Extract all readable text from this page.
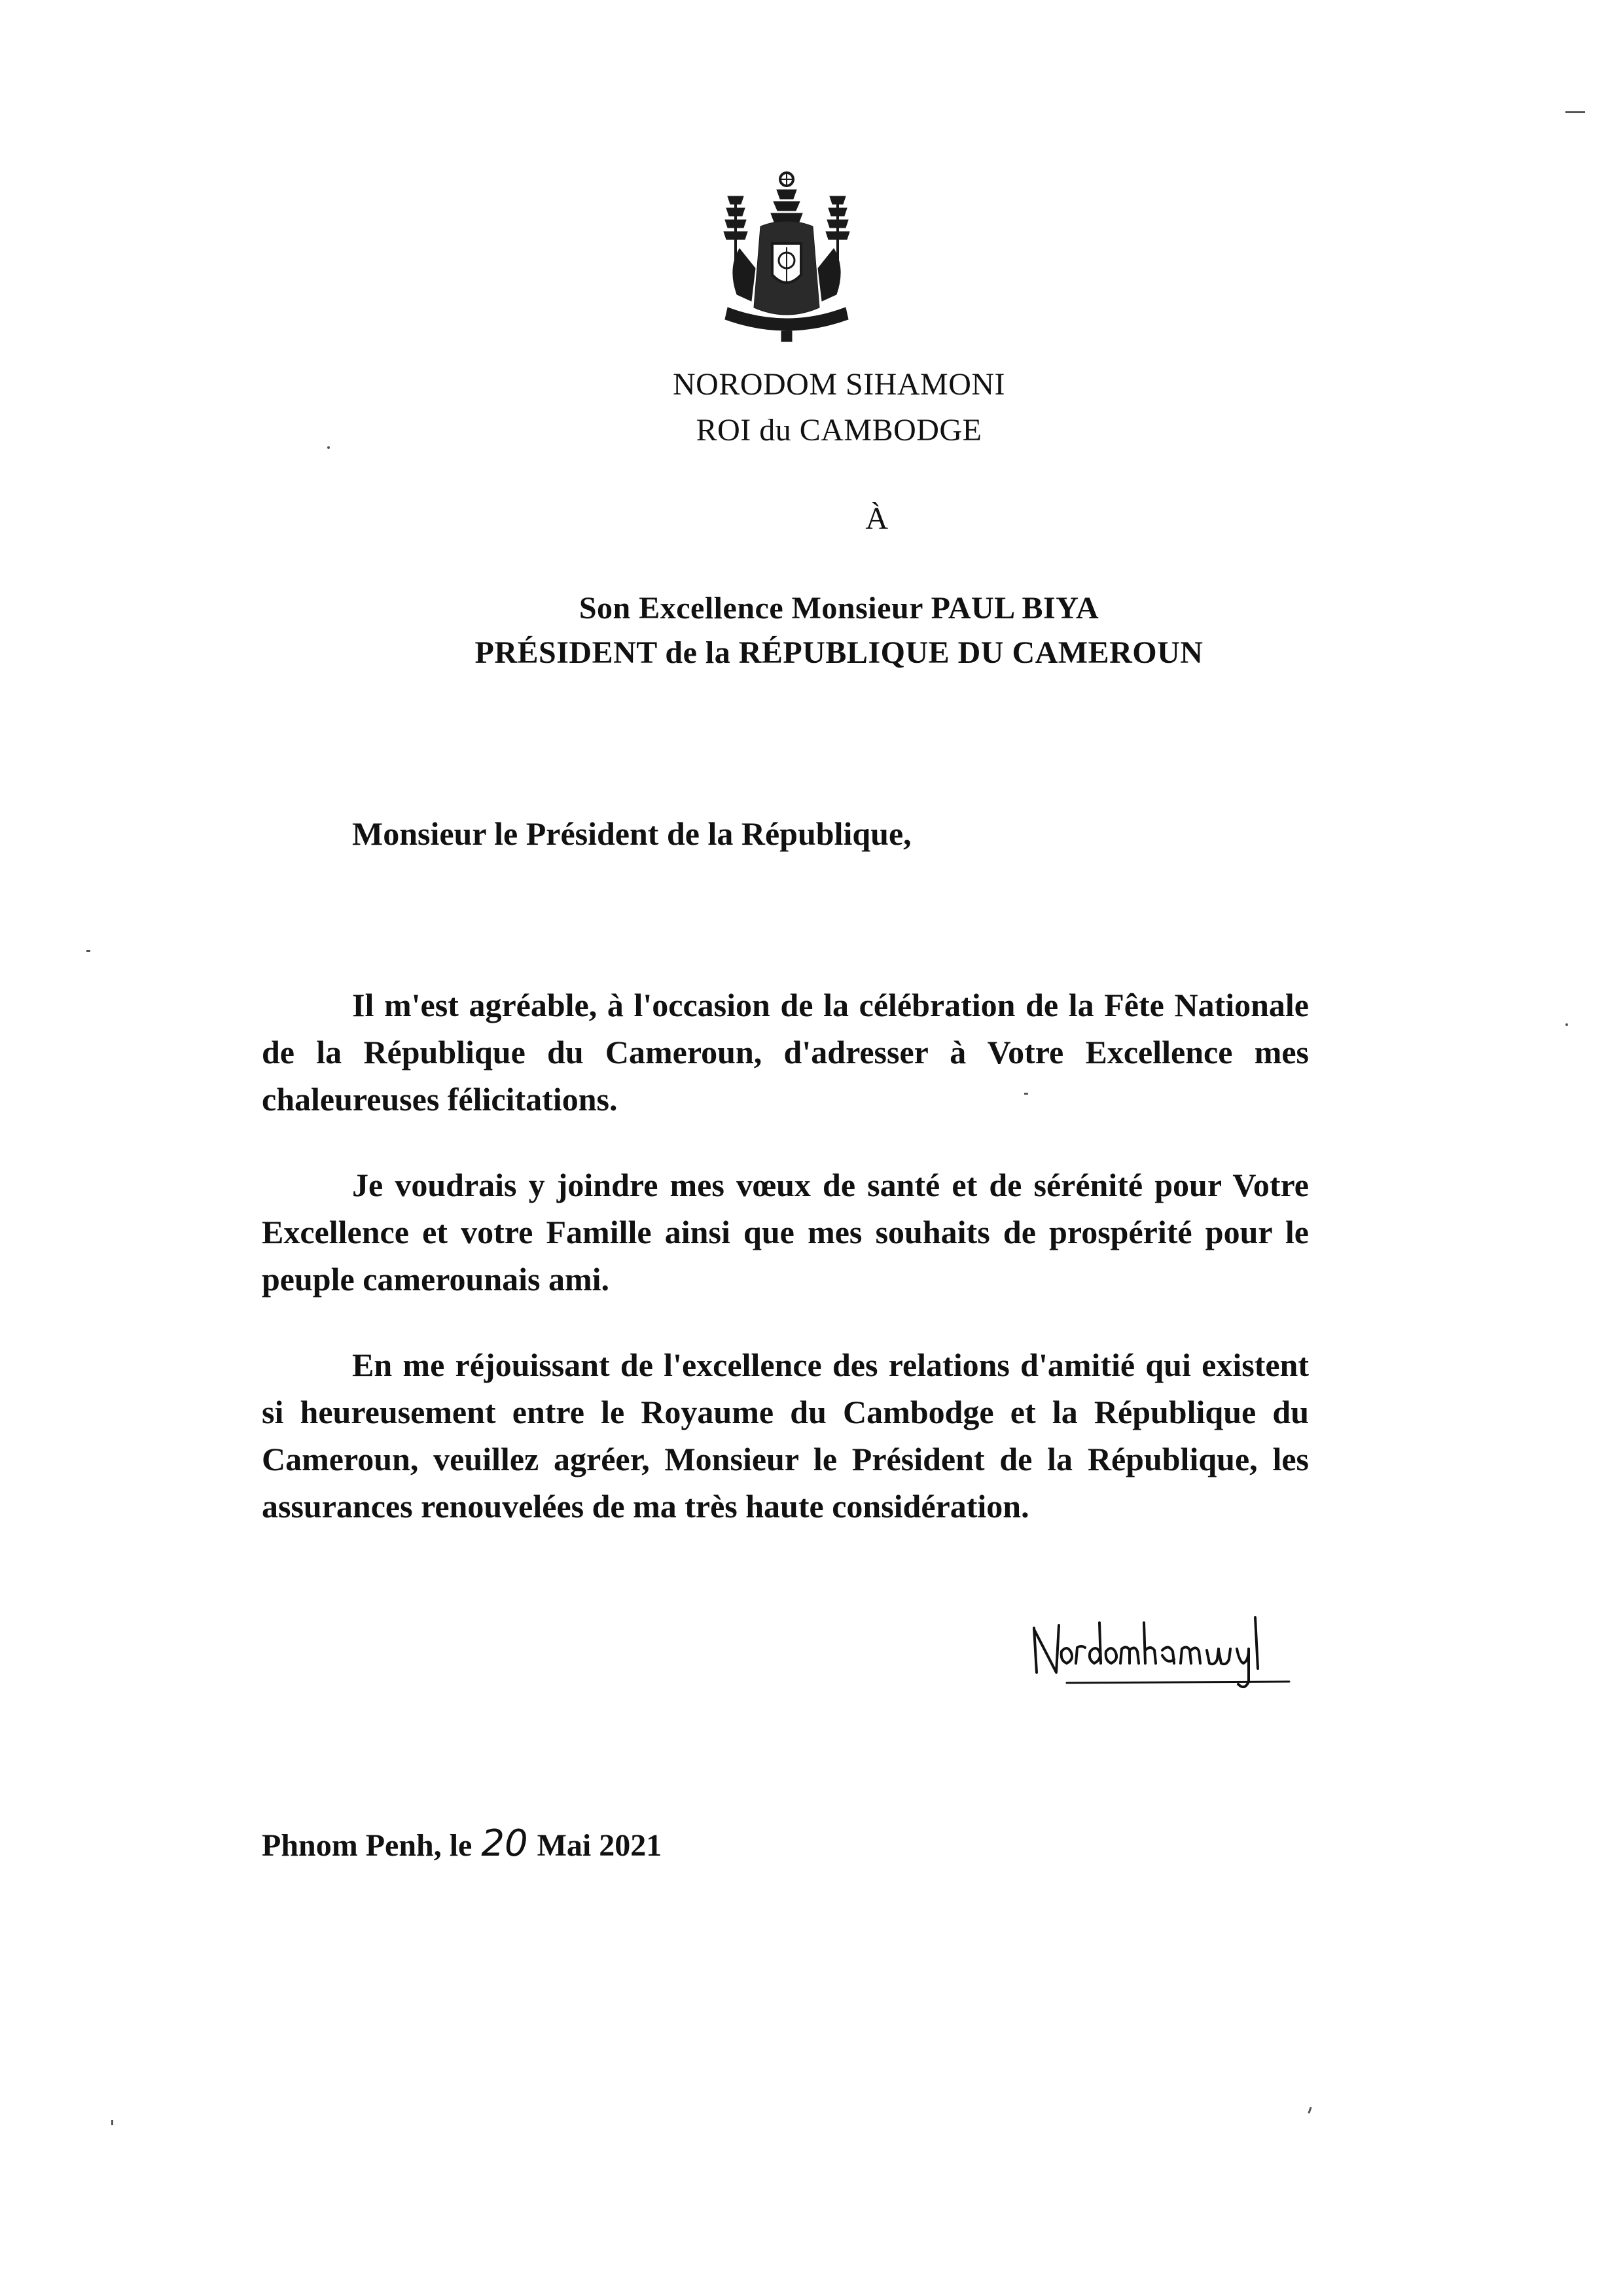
NORODOM SIHAMONI
ROI du CAMBODGE
À
Son Excellence Monsieur PAUL BIYA
PRÉSIDENT de la RÉPUBLIQUE DU CAMEROUN
Monsieur le Président de la République,
Il m'est agréable, à l'occasion de la célébration de la Fête Nationale de la République du Cameroun, d'adresser à Votre Excellence mes chaleureuses félicitations.
Je voudrais y joindre mes vœux de santé et de sérénité pour Votre Excellence et votre Famille ainsi que mes souhaits de prospérité pour le peuple camerounais ami.
En me réjouissant de l'excellence des relations d'amitié qui existent si heureusement entre le Royaume du Cambodge et la République du Cameroun, veuillez agréer, Monsieur le Président de la République, les assurances renouvelées de ma très haute considération.
Phnom Penh, le 20 Mai 2021
